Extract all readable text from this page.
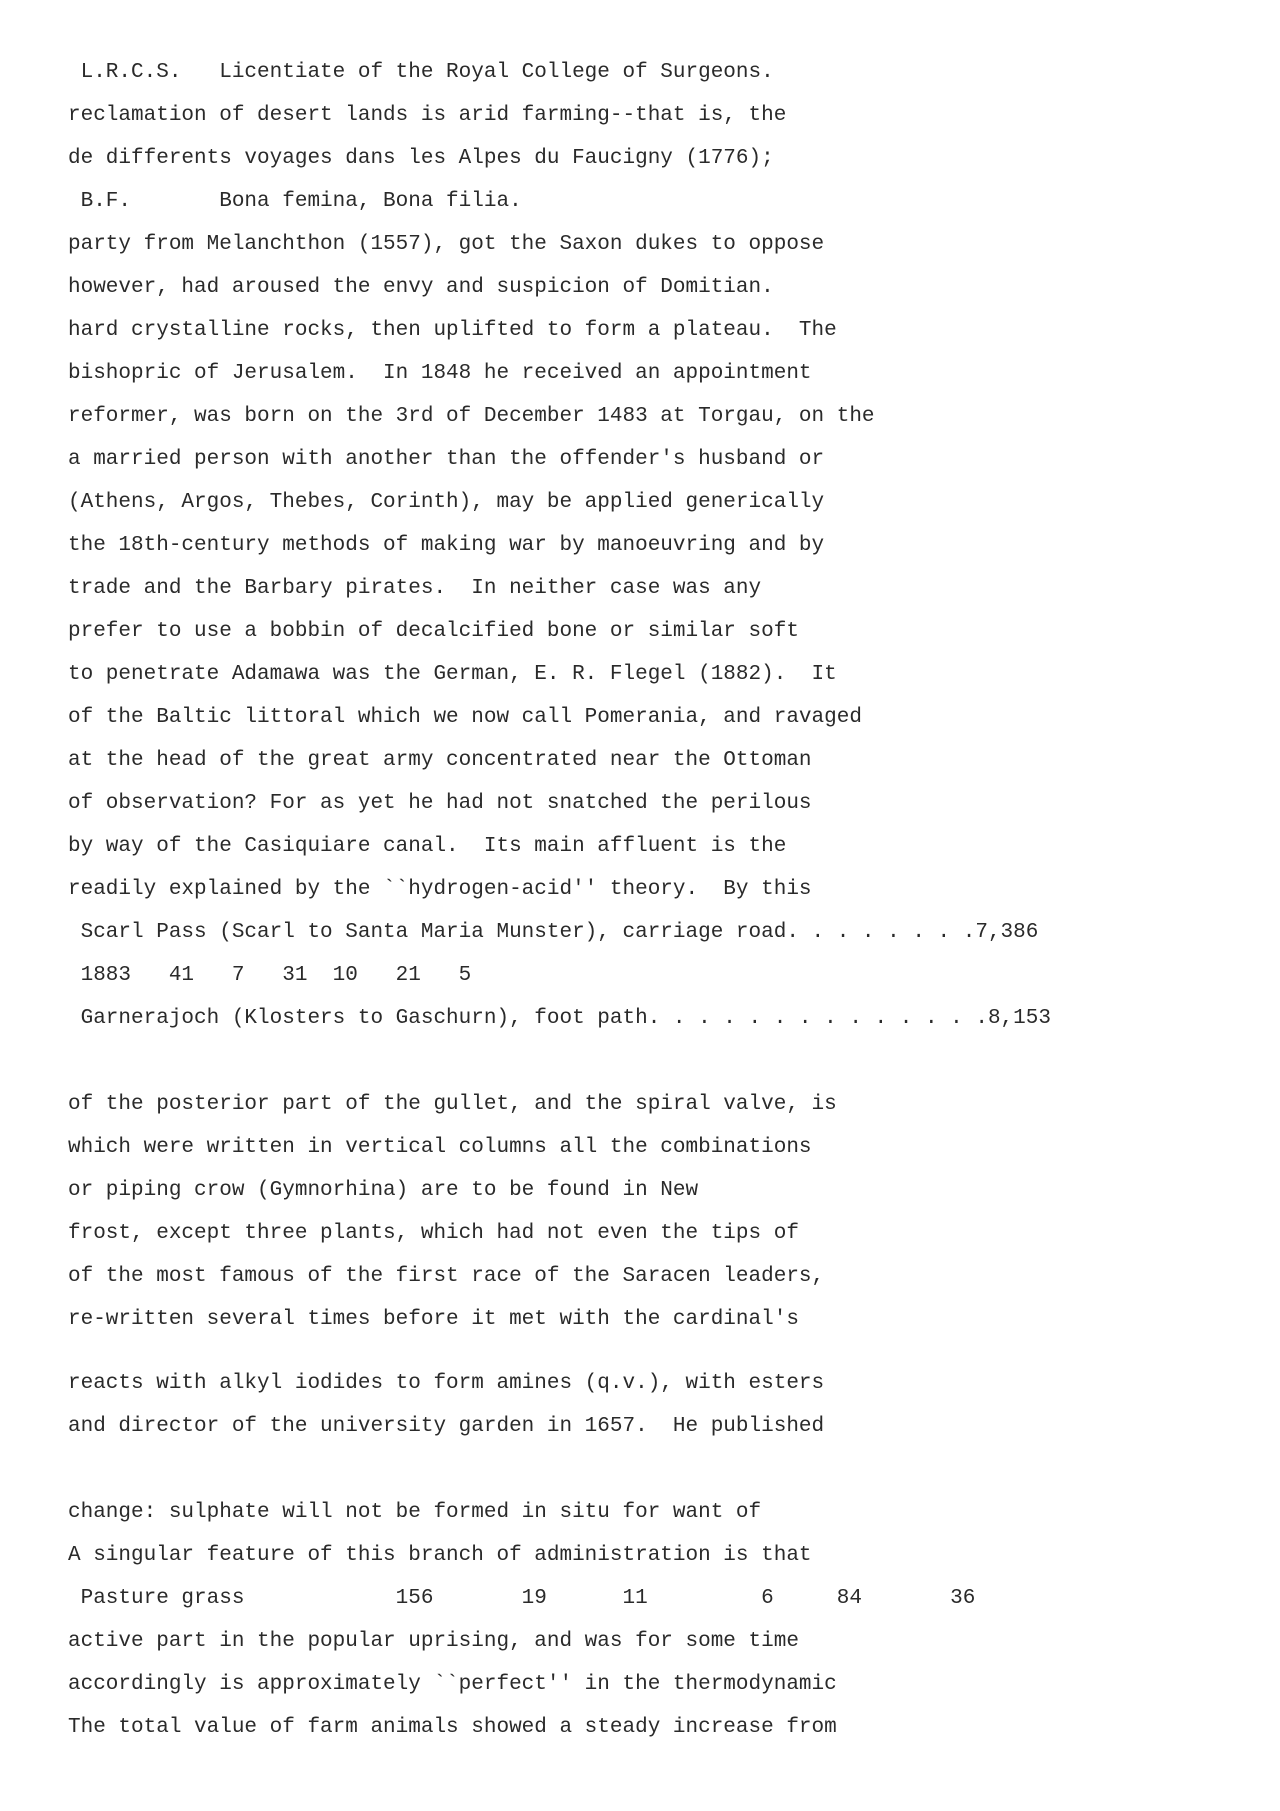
L.R.C.S.   Licentiate of the Royal College of Surgeons.

reclamation of desert lands is arid farming--that is, the

de differents voyages dans les Alpes du Faucigny (1776);

B.F.       Bona femina, Bona filia.

party from Melanchthon (1557), got the Saxon dukes to oppose

however, had aroused the envy and suspicion of Domitian.

hard crystalline rocks, then uplifted to form a plateau.  The

bishopric of Jerusalem.  In 1848 he received an appointment

reformer, was born on the 3rd of December 1483 at Torgau, on the

a married person with another than the offender's husband or

(Athens, Argos, Thebes, Corinth), may be applied generically

the 18th-century methods of making war by manoeuvring and by

trade and the Barbary pirates.  In neither case was any

prefer to use a bobbin of decalcified bone or similar soft

to penetrate Adamawa was the German, E. R. Flegel (1882).  It

of the Baltic littoral which we now call Pomerania, and ravaged

at the head of the great army concentrated near the Ottoman

of observation? For as yet he had not snatched the perilous

by way of the Casiquiare canal.  Its main affluent is the

readily explained by the ``hydrogen-acid'' theory.  By this

Scarl Pass (Scarl to Santa Maria Munster), carriage road. . . . . . . .7,386

1883   41   7   31  10   21   5

Garnerajoch (Klosters to Gaschurn), foot path. . . . . . . . . . . . . .8,153

of the posterior part of the gullet, and the spiral valve, is

which were written in vertical columns all the combinations

or piping crow (Gymnorhina) are to be found in New

frost, except three plants, which had not even the tips of

of the most famous of the first race of the Saracen leaders,

re-written several times before it met with the cardinal's

reacts with alkyl iodides to form amines (q.v.), with esters

and director of the university garden in 1657.  He published

change: sulphate will not be formed in situ for want of

A singular feature of this branch of administration is that

Pasture grass            156       19      11         6     84       36

active part in the popular uprising, and was for some time

accordingly is approximately ``perfect'' in the thermodynamic

The total value of farm animals showed a steady increase from
